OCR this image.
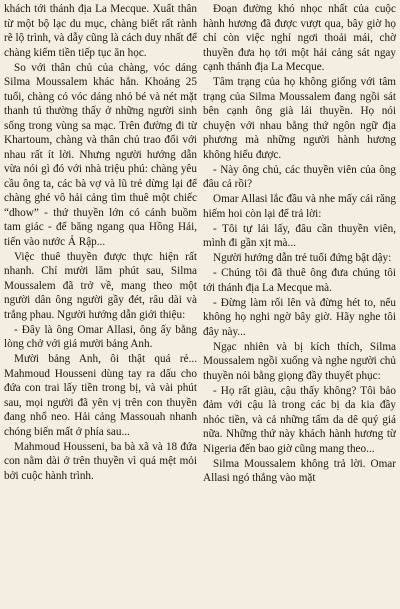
khách tới thánh địa La Mecque. Xuất thân từ một bộ lạc du mục, chàng biết rất rành rẽ lộ trình, và dẫy cũng là cách duy nhất để chàng kiếm tiền tiếp tục ăn học.

So với thân chủ của chàng, vóc dáng Silma Moussalem khác hẳn. Khoảng 25 tuổi, chàng có vóc dáng nhỏ bé và nét mặt thanh tú thường thấy ở những người sinh sống trong vùng sa mạc. Trên đường đi từ Khartoum, chàng và thân chủ trao đổi với nhau rất ít lời. Nhưng người hướng dẫn vừa nói gì đó với nhà triệu phú: chàng yêu cầu ông ta, các bà vợ và lũ trẻ dừng lại để chàng ghé vô hải cảng tìm thuê một chiếc “dhow” - thứ thuyền lớn có cánh buồm tam giác - để băng ngang qua Hồng Hải, tiến vào nước Ả Rập...

Việc thuê thuyền được thực hiện rất nhanh. Chỉ mười lăm phút sau, Silma Moussalem đã trở về, mang theo một người dân ông người gầy đét, râu dài và trắng phau. Người hướng dẫn giới thiệu:

- Đây là ông Omar Allasi, ông ấy bằng lòng chở với giá mười bảng Anh.

Mười bảng Anh, ôi thật quá rẻ... Mahmoud Housseni dùng tay ra dấu cho đứa con trai lấy tiền trong bị, và vài phút sau, mọi người đã yên vị trên con thuyền đang nhổ neo. Hải cảng Massouah nhanh chóng biến mất ở phía sau...

Mahmoud Housseni, ba bà xã và 18 đứa con nằm dài ở trên thuyền vì quá mệt mỏi bởi cuộc hành trình.

Đoạn đường khó nhọc nhất của cuộc hành hương đã được vượt qua, bây giờ họ chỉ còn việc nghỉ ngơi thoải mái, chờ thuyền đưa họ tới một hải cảng sát ngay cạnh thánh địa La Mecque.

Tâm trạng của họ không giống với tâm trạng của Silma Moussalem đang ngồi sát bên cạnh ông già lái thuyền. Họ nói chuyện với nhau bằng thứ ngôn ngữ địa phương mà những người hành hương không hiểu được.

- Này ông chủ, các thuyền viên của ông đâu cả rồi?

Omar Allasi lắc đầu và nhe mấy cái răng hiếm hoi còn lại để trả lời:

- Tôi tự lái lấy, đâu cần thuyền viên, mình đi gần xịt mà...

Người hướng dẫn trẻ tuổi đứng bật dậy:

- Chúng tôi đã thuê ông đưa chúng tôi tới thánh địa La Mecque mà.

- Đừng làm rối lên và đừng hét to, nếu không họ nghi ngờ bây giờ. Hãy nghe tôi đây này...

Ngạc nhiên và bị kích thích, Silma Moussalem ngồi xuống và nghe người chủ thuyền nói bằng giọng đầy thuyết phục:

- Họ rất giàu, cậu thấy không? Tôi bảo đảm với cậu là trong các bị da kia đầy nhóc tiền, và cả những tấm da dê quý giá nữa. Những thứ này khách hành hương từ Nigeria đến bao giờ cũng mang theo...

Silma Moussalem không trả lời. Omar Allasi ngó thẳng vào mặt
